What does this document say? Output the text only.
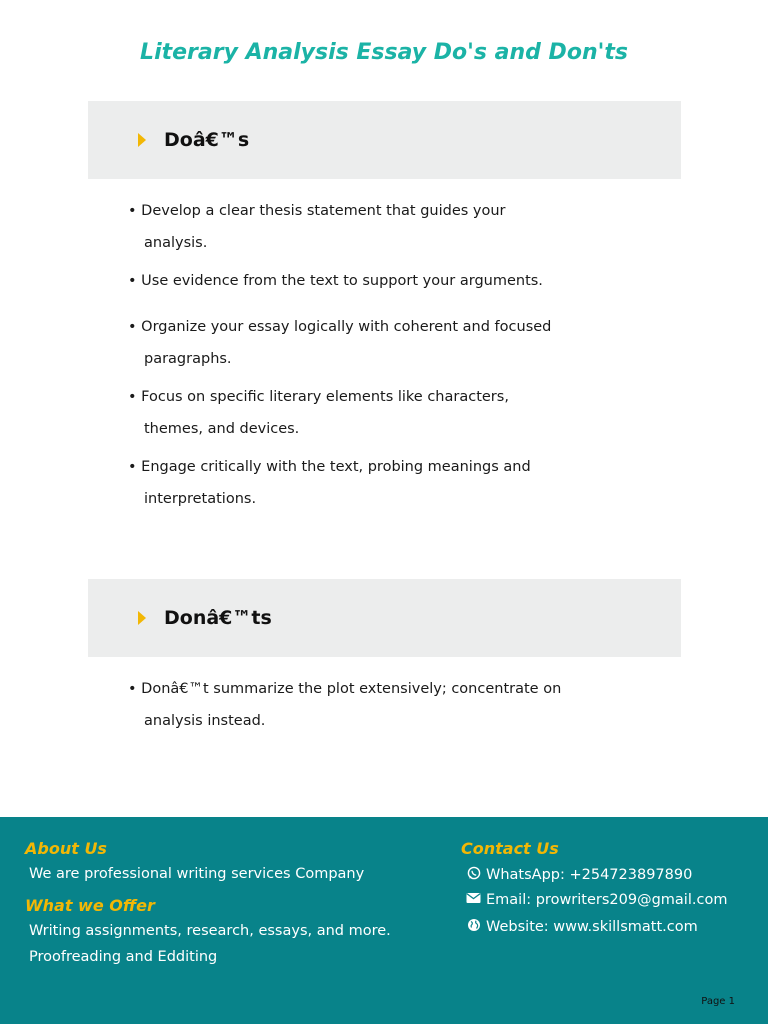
Literary Analysis Essay Do's and Don'ts
Doâ€™s
• Develop a clear thesis statement that guides your
analysis.
• Use evidence from the text to support your arguments.
• Organize your essay logically with coherent and focused
paragraphs.
• Focus on specific literary elements like characters,
themes, and devices.
• Engage critically with the text, probing meanings and
interpretations.
Donâ€™ts
• Donâ€™t summarize the plot extensively; concentrate on
analysis instead.
About Us
We are professional writing services Company
What we Offer
Writing assignments, research, essays, and more.
Proofreading and Edditing
Contact Us
WhatsApp: +254723897890
Email: prowriters209@gmail.com
Website: www.skillsmatt.com
Page 1
